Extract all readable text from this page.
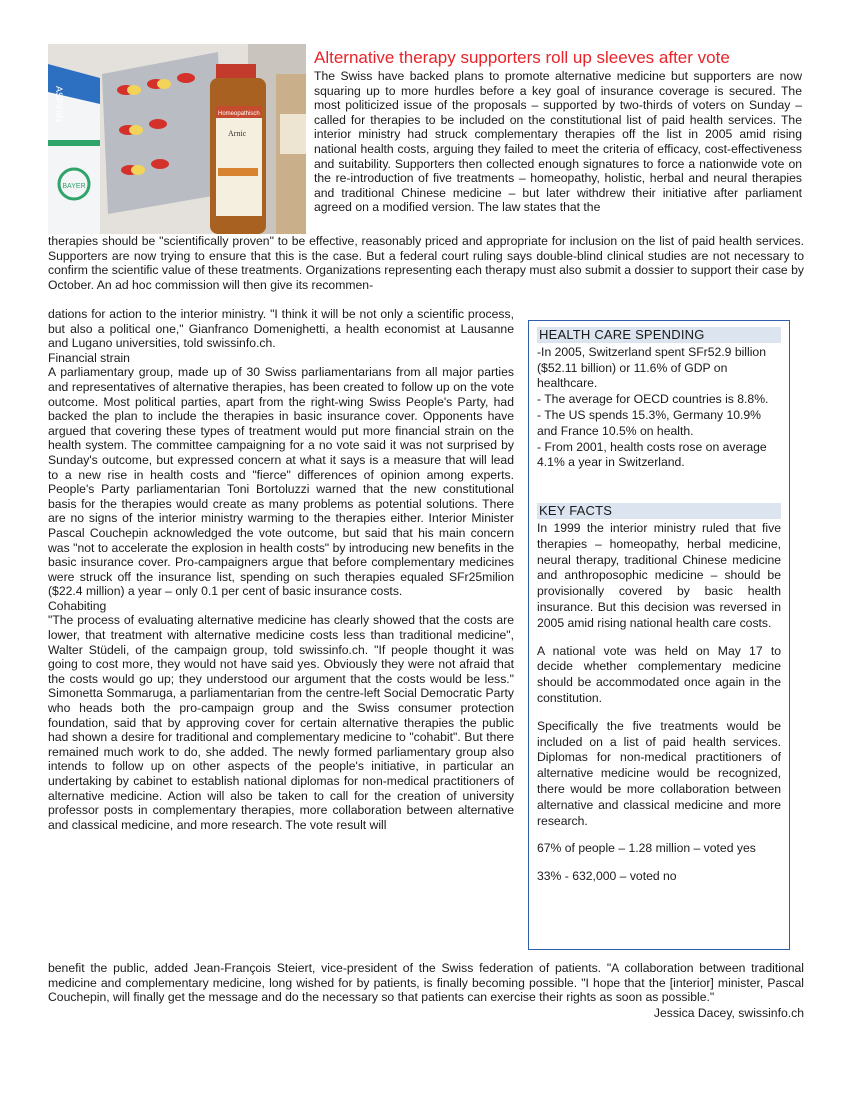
BAYER
ASPIRIN	Homeopathisch
Arnic
Alternative therapy supporters roll up sleeves after vote

The Swiss have backed plans to promote alternative medicine but supporters are now squaring up to more hurdles before a key goal of insurance coverage is secured. The most politicized issue of the proposals – supported by two-thirds of voters on Sunday – called for therapies to be included on the constitutional list of paid health services. The interior ministry had struck complementary therapies off the list in 2005 amid rising national health costs, arguing they failed to meet the criteria of efficacy, cost-effectiveness and suitability. Supporters then collected enough signatures to force a nationwide vote on the re-introduction of five treatments – homeopathy, holistic, herbal and neural therapies and traditional Chinese medicine – but later withdrew their initiative after parliament agreed on a modified version. The law states that the

therapies should be "scientifically proven" to be effective, reasonably priced and appropriate for inclusion on the list of paid health services. Supporters are now trying to ensure that this is the case. But a federal court ruling says double-blind clinical studies are not necessary to confirm the scientific value of these treatments. Organizations representing each therapy must also submit a dossier to support their case by October. An ad hoc commission will then give its recommen-

dations for action to the interior ministry. "I think it will be not only a scientific process, but also a political one," Gianfranco Domenighetti, a health economist at Lausanne and Lugano universities, told swissinfo.ch.

Financial strain

A parliamentary group, made up of 30 Swiss parliamentarians from all major parties and representatives of alternative therapies, has been created to follow up on the vote outcome. Most political parties, apart from the right-wing Swiss People's Party, had backed the plan to include the therapies in basic insurance cover. Opponents have argued that covering these types of treatment would put more financial strain on the health system. The committee campaigning for a no vote said it was not surprised by Sunday's outcome, but expressed concern at what it says is a measure that will lead to a new rise in health costs and "fierce" differences of opinion among experts. People's Party parliamentarian Toni Bortoluzzi warned that the new constitutional basis for the therapies would create as many problems as potential solutions. There are no signs of the interior ministry warming to the therapies either. Interior Minister Pascal Couchepin acknowledged the vote outcome, but said that his main concern was "not to accelerate the explosion in health costs" by introducing new benefits in the basic insurance cover. Pro-campaigners argue that before complementary medicines were struck off the insurance list, spending on such therapies equaled SFr25milion ($22.4 million) a year – only 0.1 per cent of basic insurance costs.

Cohabiting

"The process of evaluating alternative medicine has clearly showed that the costs are lower, that treatment with alternative medicine costs less than traditional medicine", Walter Stüdeli, of the campaign group, told swissinfo.ch. "If people thought it was going to cost more, they would not have said yes. Obviously they were not afraid that the costs would go up; they understood our argument that the costs would be less." Simonetta Sommaruga, a parliamentarian from the centre-left Social Democratic Party who heads both the pro-campaign group and the Swiss consumer protection foundation, said that by approving cover for certain alternative therapies the public had shown a desire for traditional and complementary medicine to "cohabit". But there remained much work to do, she added. The newly formed parliamentary group also intends to follow up on other aspects of the people's initiative, in particular an undertaking by cabinet to establish national diplomas for non-medical practitioners of alternative medicine. Action will also be taken to call for the creation of university professor posts in complementary therapies, more collaboration between alternative and classical medicine, and more research. The vote result will

benefit the public, added Jean-François Steiert, vice-president of the Swiss federation of patients. "A collaboration between traditional medicine and complementary medicine, long wished for by patients, is finally becoming possible. "I hope that the [interior] minister, Pascal Couchepin, will finally get the message and do the necessary so that patients can exercise their rights as soon as possible."

Jessica Dacey, swissinfo.ch

HEALTH CARE SPENDING

-In 2005, Switzerland spent SFr52.9 billion ($52.11 billion) or 11.6% of GDP on healthcare.

- The average for OECD countries is 8.8%.

- The US spends 15.3%, Germany 10.9% and France 10.5% on health.

- From 2001, health costs rose on average 4.1% a year in Switzerland.

KEY FACTS

In 1999 the interior ministry ruled that five therapies – homeopathy, herbal medicine, neural therapy, traditional Chinese medicine and anthroposophic medicine – should be provisionally covered by basic health insurance. But this decision was reversed in 2005 amid rising national health care costs.

A national vote was held on May 17 to decide whether complementary medicine should be accommodated once again in the constitution.

Specifically the five treatments would be included on a list of paid health services. Diplomas for non-medical practitioners of alternative medicine would be recognized, there would be more collaboration between alternative and classical medicine and more research.

67% of people – 1.28 million – voted yes

33% - 632,000 – voted no
